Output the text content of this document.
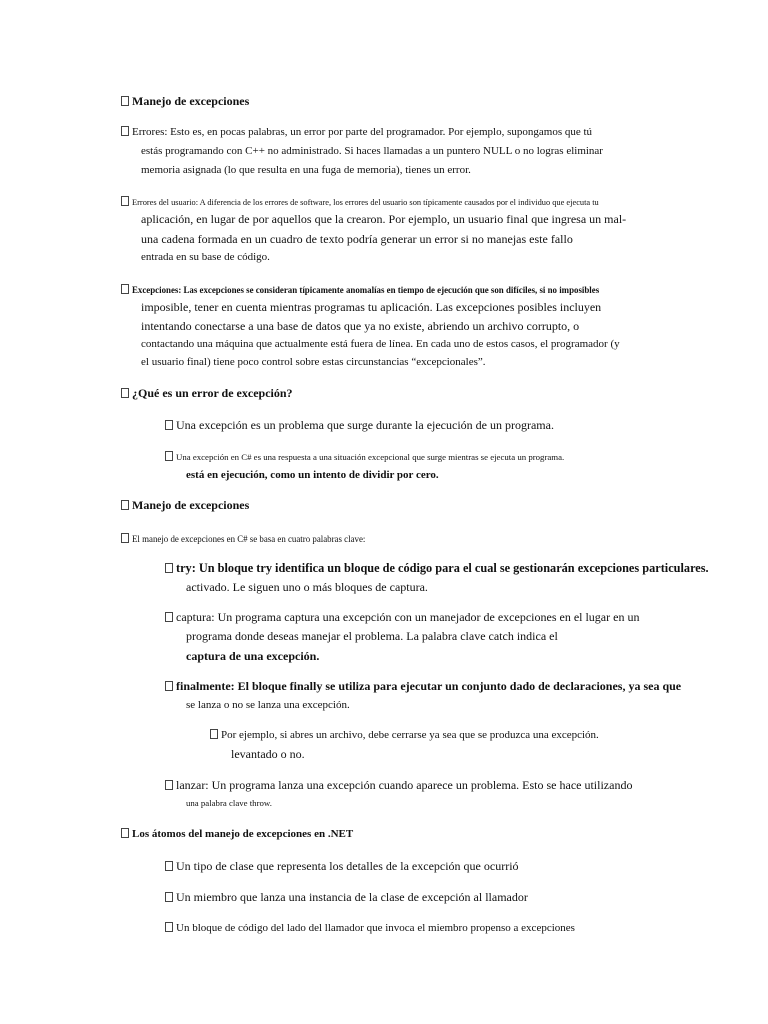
Manejo de excepciones
Errores: Esto es, en pocas palabras, un error por parte del programador. Por ejemplo, supongamos que tú
estás programando con C++ no administrado. Si haces llamadas a un puntero NULL o no logras eliminar
memoria asignada (lo que resulta en una fuga de memoria), tienes un error.
Errores del usuario: A diferencia de los errores de software, los errores del usuario son típicamente causados por el individuo que ejecuta tu
aplicación, en lugar de por aquellos que la crearon. Por ejemplo, un usuario final que ingresa un mal-
una cadena formada en un cuadro de texto podría generar un error si no manejas este fallo
entrada en su base de código.
Excepciones: Las excepciones se consideran típicamente anomalías en tiempo de ejecución que son difíciles, si no imposibles
imposible, tener en cuenta mientras programas tu aplicación. Las excepciones posibles incluyen
intentando conectarse a una base de datos que ya no existe, abriendo un archivo corrupto, o
contactando una máquina que actualmente está fuera de línea. En cada uno de estos casos, el programador (y
el usuario final) tiene poco control sobre estas circunstancias “excepcionales”.
¿Qué es un error de excepción?
Una excepción es un problema que surge durante la ejecución de un programa.
Una excepción en C# es una respuesta a una situación excepcional que surge mientras se ejecuta un programa.
está en ejecución, como un intento de dividir por cero.
Manejo de excepciones
El manejo de excepciones en C# se basa en cuatro palabras clave:
try: Un bloque try identifica un bloque de código para el cual se gestionarán excepciones particulares.
activado. Le siguen uno o más bloques de captura.
captura: Un programa captura una excepción con un manejador de excepciones en el lugar en un
programa donde deseas manejar el problema. La palabra clave catch indica el
captura de una excepción.
finalmente: El bloque finally se utiliza para ejecutar un conjunto dado de declaraciones, ya sea que
se lanza o no se lanza una excepción.
Por ejemplo, si abres un archivo, debe cerrarse ya sea que se produzca una excepción.
levantado o no.
lanzar: Un programa lanza una excepción cuando aparece un problema. Esto se hace utilizando
una palabra clave throw.
Los átomos del manejo de excepciones en .NET
Un tipo de clase que representa los detalles de la excepción que ocurrió
Un miembro que lanza una instancia de la clase de excepción al llamador
Un bloque de código del lado del llamador que invoca el miembro propenso a excepciones
